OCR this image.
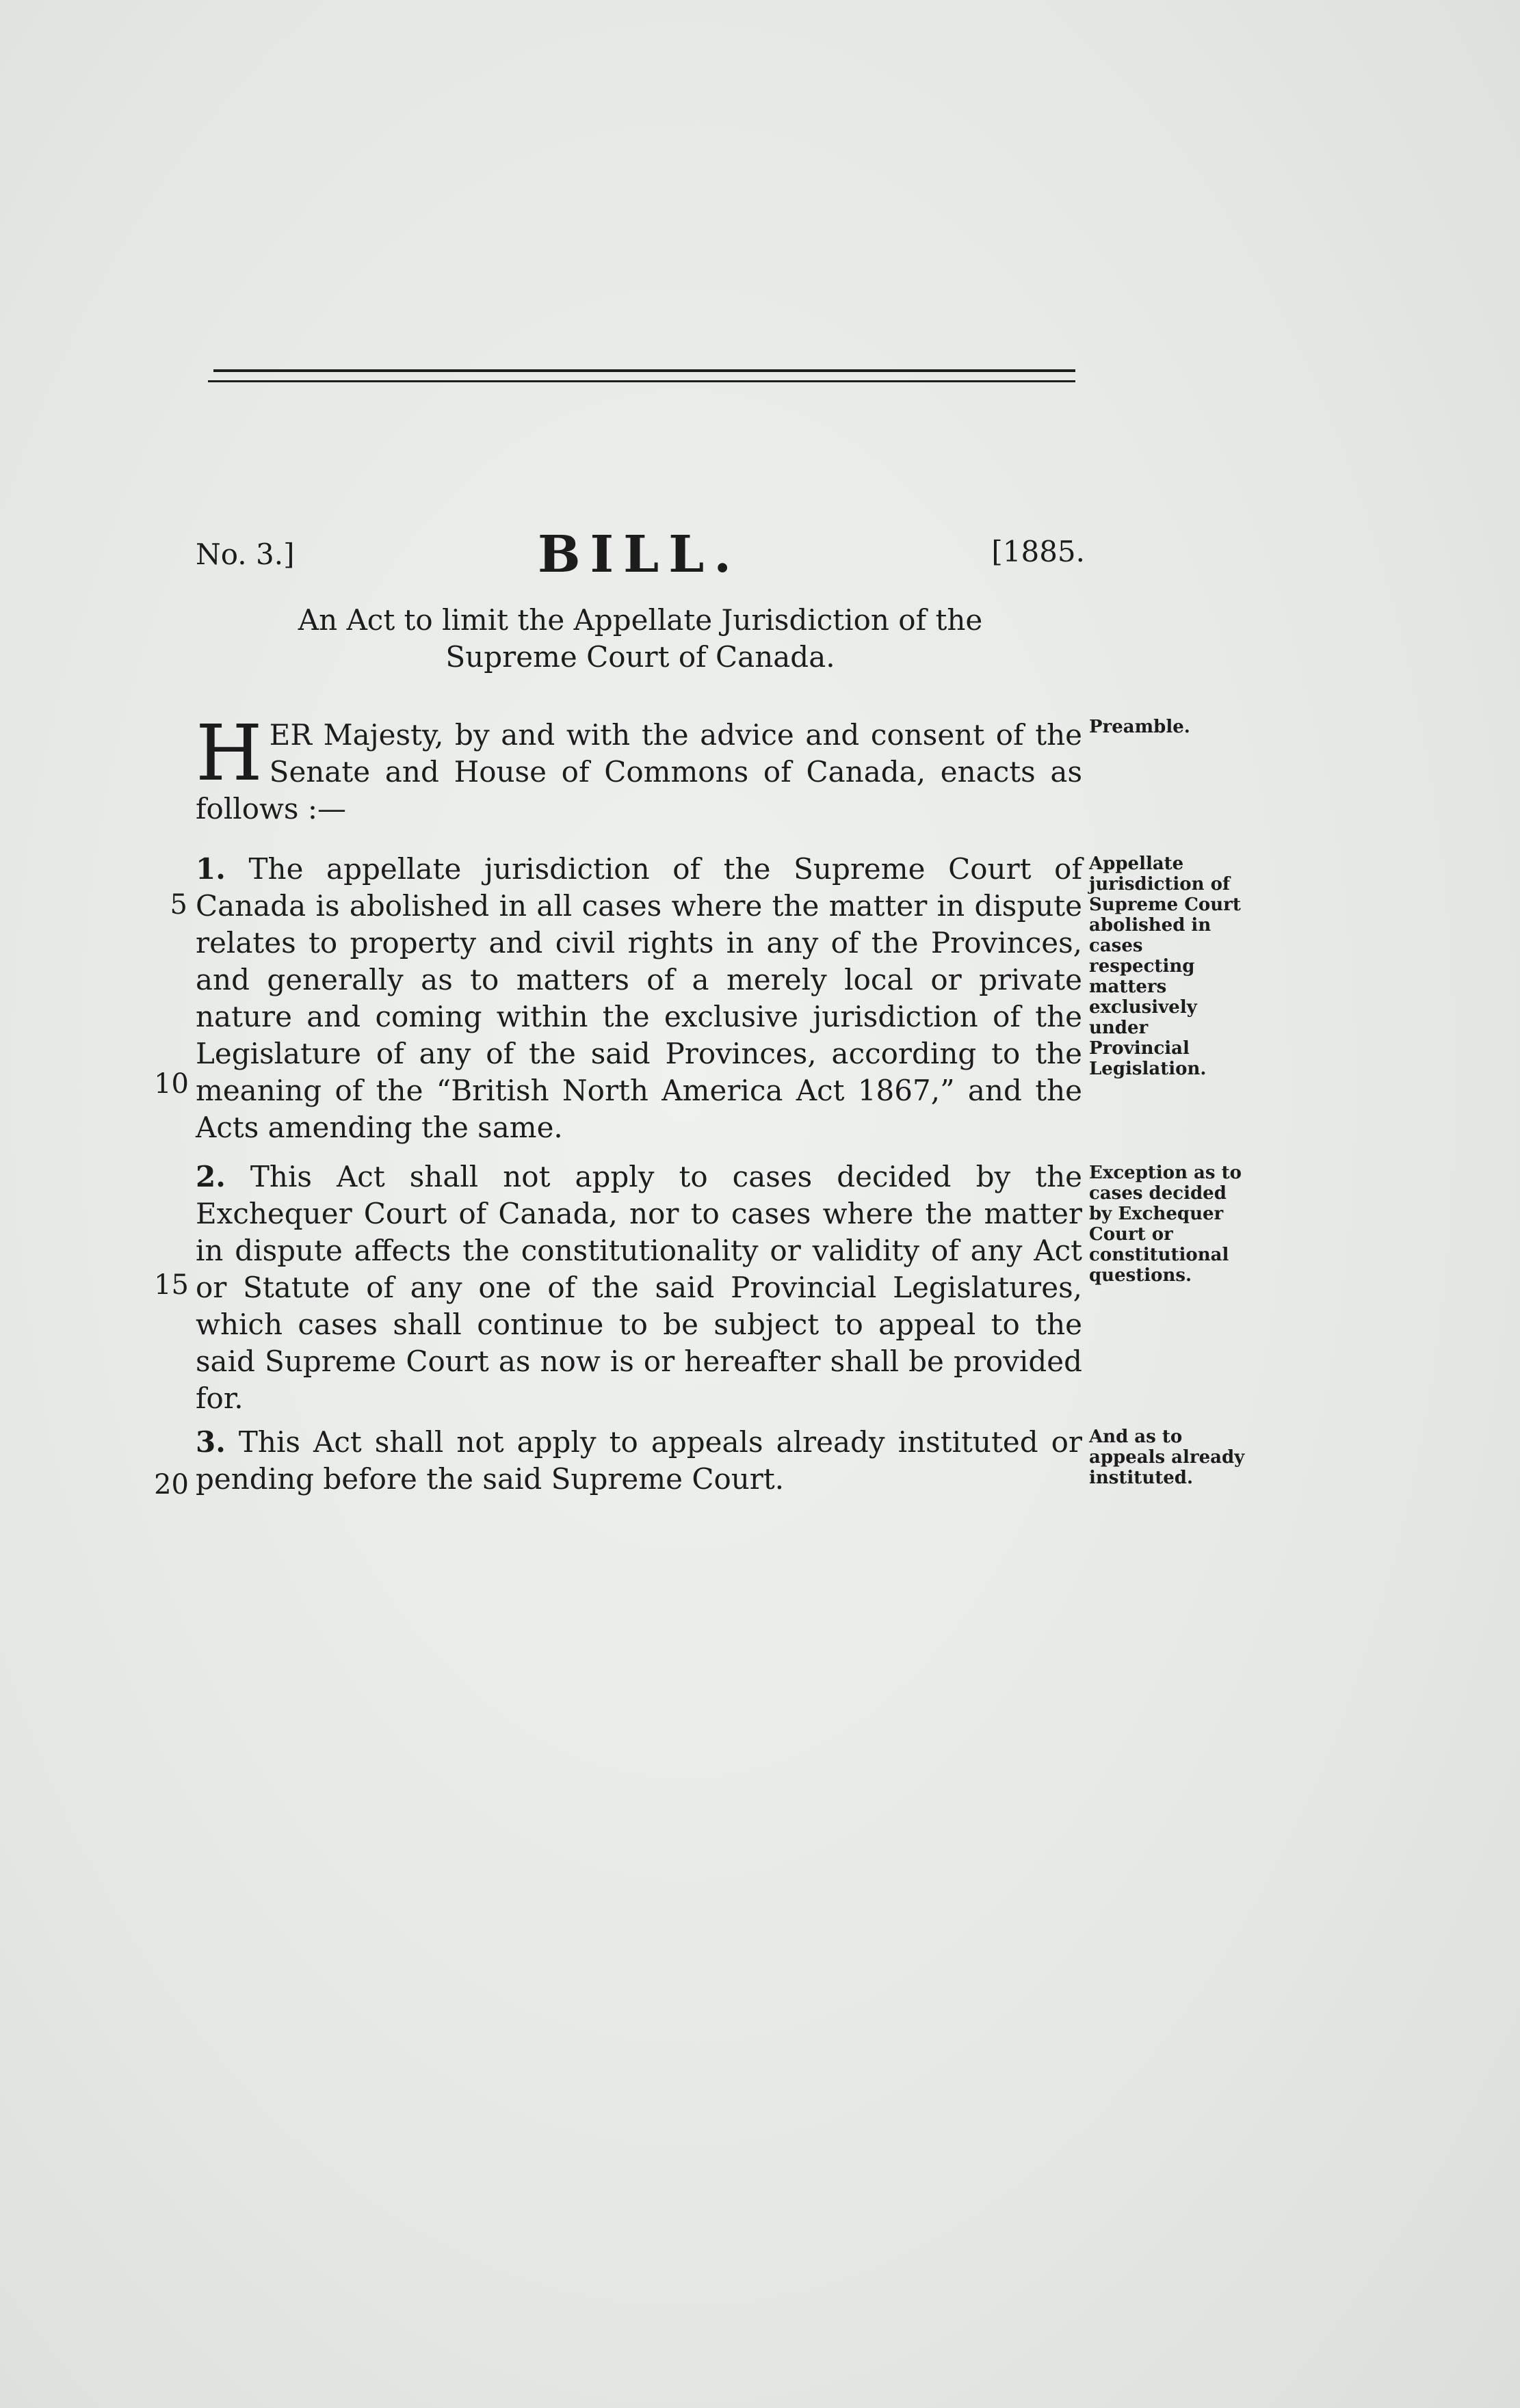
No. 3.]	BILL.	[1885.
An Act to limit the Appellate Jurisdiction of the
Supreme Court of Canada.
H ER Majesty, by and with the advice and consent of the Senate and House of Commons of Canada, enacts as follows :—
Preamble.
1. The appellate jurisdiction of the Supreme Court of Canada is abolished in all cases where the matter in dispute relates to property and civil rights in any of the Provinces, and generally as to matters of a merely local or private nature and coming within the exclusive jurisdiction of the Legislature of any of the said Provinces, according to the meaning of the “British North America Act 1867,” and the Acts amending the same.
Appellate jurisdiction of Supreme Court abolished in cases respecting matters exclusively under Provincial Legislation.
2. This Act shall not apply to cases decided by the Exchequer Court of Canada, nor to cases where the matter in dispute affects the constitutionality or validity of any Act or Statute of any one of the said Provincial Legislatures, which cases shall continue to be subject to appeal to the said Supreme Court as now is or hereafter shall be provided for.
Exception as to cases decided by Exchequer Court or constitutional questions.
3. This Act shall not apply to appeals already instituted or pending before the said Supreme Court.
And as to appeals already instituted.
5
10
15
20
